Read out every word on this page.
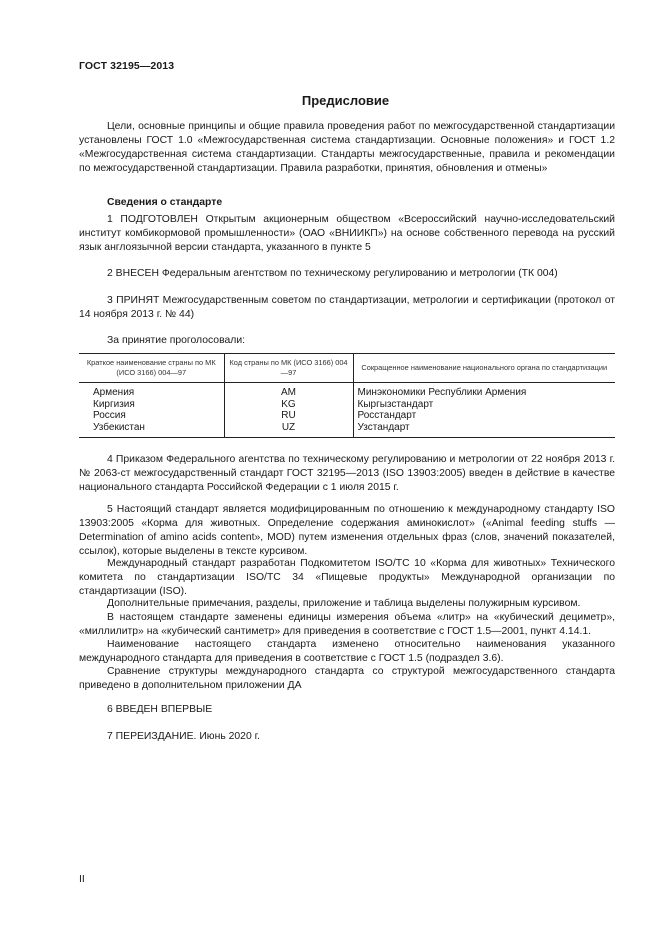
ГОСТ 32195—2013
Предисловие
Цели, основные принципы и общие правила проведения работ по межгосударственной стандартизации установлены ГОСТ 1.0 «Межгосударственная система стандартизации. Основные положения» и ГОСТ 1.2 «Межгосударственная система стандартизации. Стандарты межгосударственные, правила и рекомендации по межгосударственной стандартизации. Правила разработки, принятия, обновления и отмены»
Сведения о стандарте
1 ПОДГОТОВЛЕН Открытым акционерным обществом «Всероссийский научно-исследовательский институт комбикормовой промышленности» (ОАО «ВНИИКП») на основе собственного перевода на русский язык англоязычной версии стандарта, указанного в пункте 5
2 ВНЕСЕН Федеральным агентством по техническому регулированию и метрологии (ТК 004)
3 ПРИНЯТ Межгосударственным советом по стандартизации, метрологии и сертификации (протокол от 14 ноября 2013 г. № 44)
За принятие проголосовали:
Краткое наименование страны по МК (ИСО 3166) 004—97	Код страны по МК (ИСО 3166) 004—97	Сокращенное наименование национального органа по стандартизации
Армения	AM	Минэкономики Республики Армения
Киргизия	KG	Кыргызстандарт
Россия	RU	Росстандарт
Узбекистан	UZ	Узстандарт
4 Приказом Федерального агентства по техническому регулированию и метрологии от 22 ноября 2013 г. № 2063-ст межгосударственный стандарт ГОСТ 32195—2013 (ISO 13903:2005) введен в действие в качестве национального стандарта Российской Федерации с 1 июля 2015 г.
5 Настоящий стандарт является модифицированным по отношению к международному стандарту ISO 13903:2005 «Корма для животных. Определение содержания аминокислот» («Animal feeding stuffs — Determination of amino acids content», MOD) путем изменения отдельных фраз (слов, значений показателей, ссылок), которые выделены в тексте курсивом.
Международный стандарт разработан Подкомитетом ISO/TC 10 «Корма для животных» Технического комитета по стандартизации ISO/TC 34 «Пищевые продукты» Международной организации по стандартизации (ISO).
Дополнительные примечания, разделы, приложение и таблица выделены полужирным курсивом.
В настоящем стандарте заменены единицы измерения объема «литр» на «кубический дециметр», «миллилитр» на «кубический сантиметр» для приведения в соответствие с ГОСТ 1.5—2001, пункт 4.14.1.
Наименование настоящего стандарта изменено относительно наименования указанного международного стандарта для приведения в соответствие с ГОСТ 1.5 (подраздел 3.6).
Сравнение структуры международного стандарта со структурой межгосударственного стандарта приведено в дополнительном приложении ДА
6 ВВЕДЕН ВПЕРВЫЕ
7 ПЕРЕИЗДАНИЕ. Июнь 2020 г.
II
